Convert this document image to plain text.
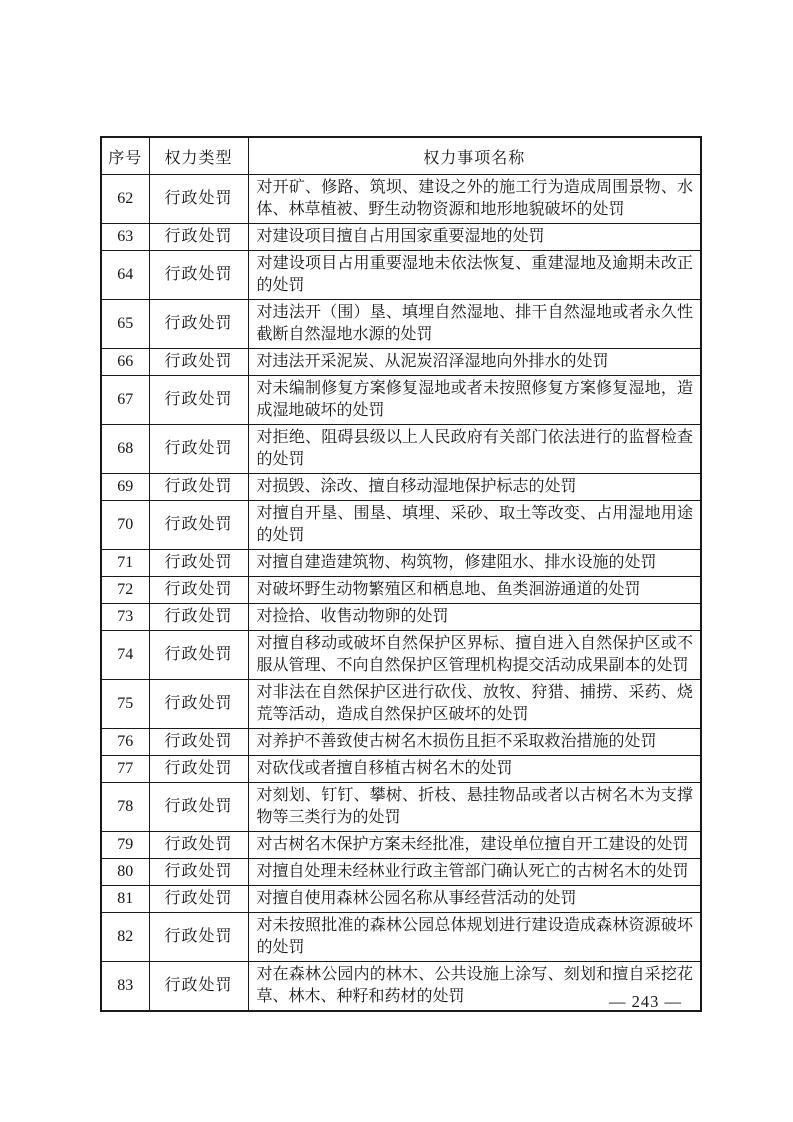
序号	权力类型	权力事项名称
62	行政处罚	对开矿、修路、筑坝、建设之外的施工行为造成周围景物、水体、林草植被、野生动物资源和地形地貌破坏的处罚
63	行政处罚	对建设项目擅自占用国家重要湿地的处罚
64	行政处罚	对建设项目占用重要湿地未依法恢复、重建湿地及逾期未改正的处罚
65	行政处罚	对违法开（围）垦、填埋自然湿地、排干自然湿地或者永久性截断自然湿地水源的处罚
66	行政处罚	对违法开采泥炭、从泥炭沼泽湿地向外排水的处罚
67	行政处罚	对未编制修复方案修复湿地或者未按照修复方案修复湿地，造成湿地破坏的处罚
68	行政处罚	对拒绝、阻碍县级以上人民政府有关部门依法进行的监督检查的处罚
69	行政处罚	对损毁、涂改、擅自移动湿地保护标志的处罚
70	行政处罚	对擅自开垦、围垦、填埋、采砂、取土等改变、占用湿地用途的处罚
71	行政处罚	对擅自建造建筑物、构筑物，修建阻水、排水设施的处罚
72	行政处罚	对破坏野生动物繁殖区和栖息地、鱼类洄游通道的处罚
73	行政处罚	对捡拾、收售动物卵的处罚
74	行政处罚	对擅自移动或破坏自然保护区界标、擅自进入自然保护区或不服从管理、不向自然保护区管理机构提交活动成果副本的处罚
75	行政处罚	对非法在自然保护区进行砍伐、放牧、狩猎、捕捞、采药、烧荒等活动，造成自然保护区破坏的处罚
76	行政处罚	对养护不善致使古树名木损伤且拒不采取救治措施的处罚
77	行政处罚	对砍伐或者擅自移植古树名木的处罚
78	行政处罚	对刻划、钉钉、攀树、折枝、悬挂物品或者以古树名木为支撑物等三类行为的处罚
79	行政处罚	对古树名木保护方案未经批准，建设单位擅自开工建设的处罚
80	行政处罚	对擅自处理未经林业行政主管部门确认死亡的古树名木的处罚
81	行政处罚	对擅自使用森林公园名称从事经营活动的处罚
82	行政处罚	对未按照批准的森林公园总体规划进行建设造成森林资源破坏的处罚
83	行政处罚	对在森林公园内的林木、公共设施上涂写、刻划和擅自采挖花草、林木、种籽和药材的处罚	— 243 —
